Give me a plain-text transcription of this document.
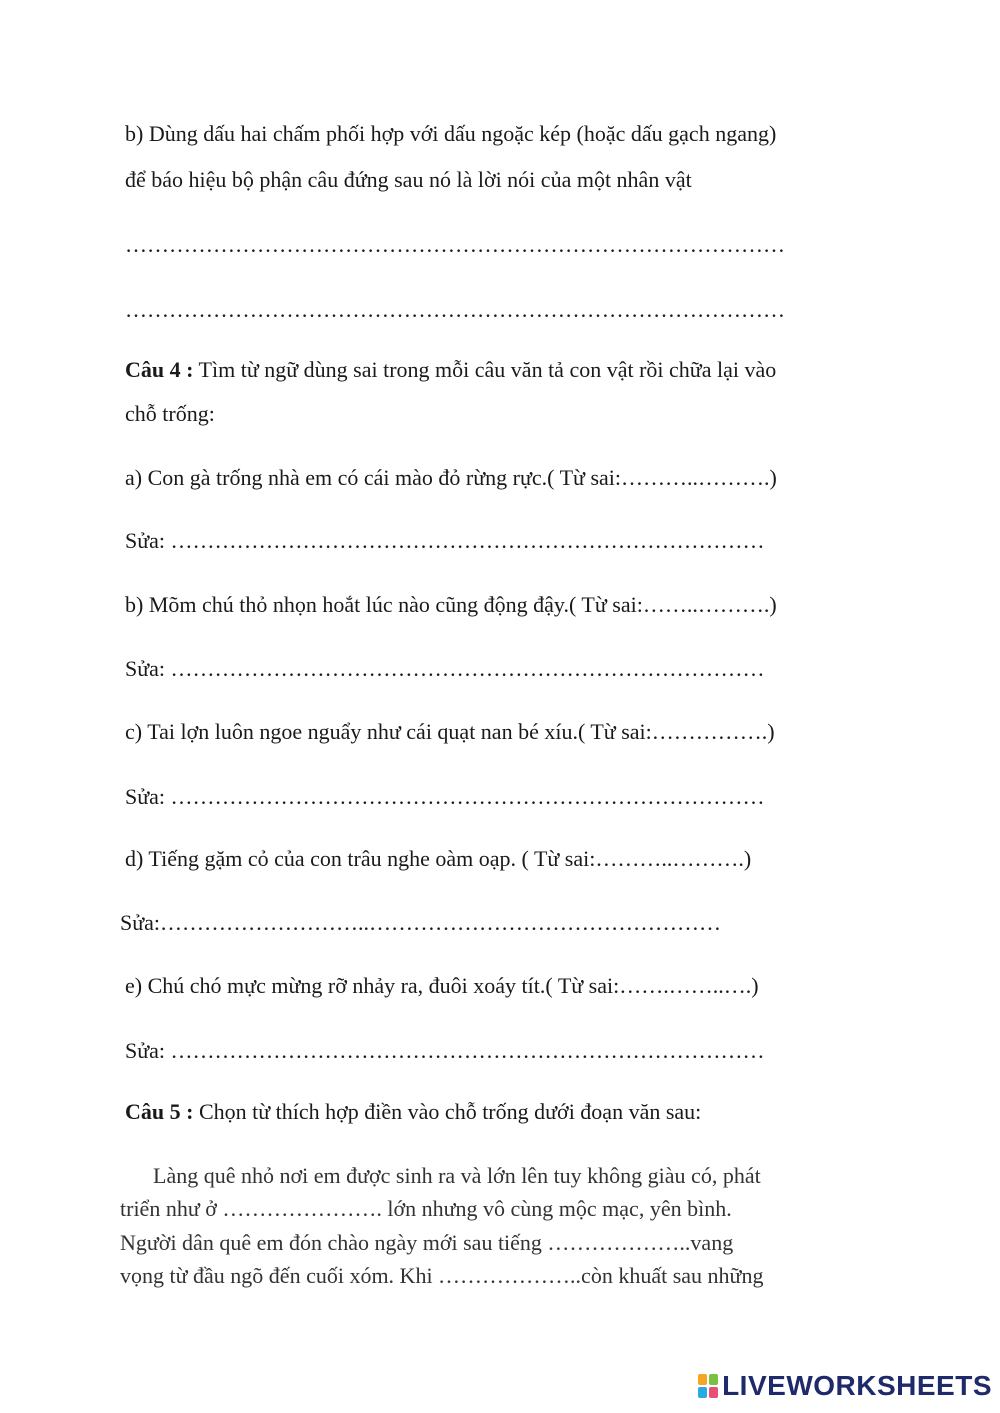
b) Dùng dấu hai chấm phối hợp với dấu ngoặc kép (hoặc dấu gạch ngang)
để báo hiệu bộ phận câu đứng sau nó là lời nói của một nhân vật
………………………………………………………………………………
………………………………………………………………………………
Câu 4 : Tìm từ ngữ dùng sai trong mỗi câu văn tả con vật rồi chữa lại vào
chỗ trống:
a) Con gà trống nhà em có cái mào đỏ rừng rực.( Từ sai:………..……….)
Sửa: ………………………………………………………………………
b) Mõm chú thỏ nhọn hoắt lúc nào cũng động đậy.( Từ sai:……..……….)
Sửa: ………………………………………………………………………
c) Tai lợn luôn ngoe nguẩy như cái quạt nan bé xíu.( Từ sai:…………….)
Sửa: ………………………………………………………………………
d) Tiếng gặm cỏ của con trâu nghe oàm oạp. ( Từ sai:………..……….)
Sửa:………………………..…………………………………………
e) Chú chó mực mừng rỡ nhảy ra, đuôi xoáy tít.( Từ sai:…….……..….)
Sửa: ………………………………………………………………………
Câu 5 : Chọn từ thích hợp điền vào chỗ trống dưới đoạn văn sau:
Làng quê nhỏ nơi em được sinh ra và lớn lên tuy không giàu có, phát
triển như ở …………………. lớn nhưng vô cùng mộc mạc, yên bình.
Người dân quê em đón chào ngày mới sau tiếng ………………..vang
vọng từ đầu ngõ đến cuối xóm. Khi ………………..còn khuất sau những
LIVEWORKSHEETS
